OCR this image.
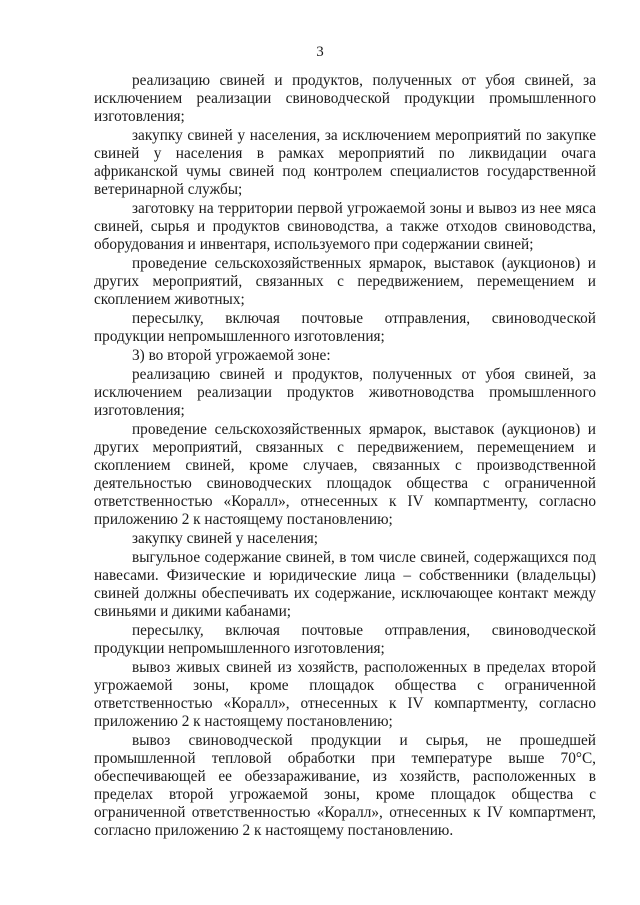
3

реализацию свиней и продуктов, полученных от убоя свиней, за исключением реализации свиноводческой продукции промышленного изготовления;

закупку свиней у населения, за исключением мероприятий по закупке свиней у населения в рамках мероприятий по ликвидации очага африканской чумы свиней под контролем специалистов государственной ветеринарной службы;

заготовку на территории первой угрожаемой зоны и вывоз из нее мяса свиней, сырья и продуктов свиноводства, а также отходов свиноводства, оборудования и инвентаря, используемого при содержании свиней;

проведение сельскохозяйственных ярмарок, выставок (аукционов) и других мероприятий, связанных с передвижением, перемещением и скоплением животных;

пересылку, включая почтовые отправления, свиноводческой продукции непромышленного изготовления;

3) во второй угрожаемой зоне:

реализацию свиней и продуктов, полученных от убоя свиней, за исключением реализации продуктов животноводства промышленного изготовления;

проведение сельскохозяйственных ярмарок, выставок (аукционов) и других мероприятий, связанных с передвижением, перемещением и скоплением свиней, кроме случаев, связанных с производственной деятельностью свиноводческих площадок общества с ограниченной ответственностью «Коралл», отнесенных к IV компартменту, согласно приложению 2 к настоящему постановлению;

закупку свиней у населения;

выгульное содержание свиней, в том числе свиней, содержащихся под навесами. Физические и юридические лица – собственники (владельцы) свиней должны обеспечивать их содержание, исключающее контакт между свиньями и дикими кабанами;

пересылку, включая почтовые отправления, свиноводческой продукции непромышленного изготовления;

вывоз живых свиней из хозяйств, расположенных в пределах второй угрожаемой зоны, кроме площадок общества с ограниченной ответственностью «Коралл», отнесенных к IV компартменту, согласно приложению 2 к настоящему постановлению;

вывоз свиноводческой продукции и сырья, не прошедшей промышленной тепловой обработки при температуре выше 70°С, обеспечивающей ее обеззараживание, из хозяйств, расположенных в пределах второй угрожаемой зоны, кроме площадок общества с ограниченной ответственностью «Коралл», отнесенных к IV компартмент, согласно приложению 2 к настоящему постановлению.
